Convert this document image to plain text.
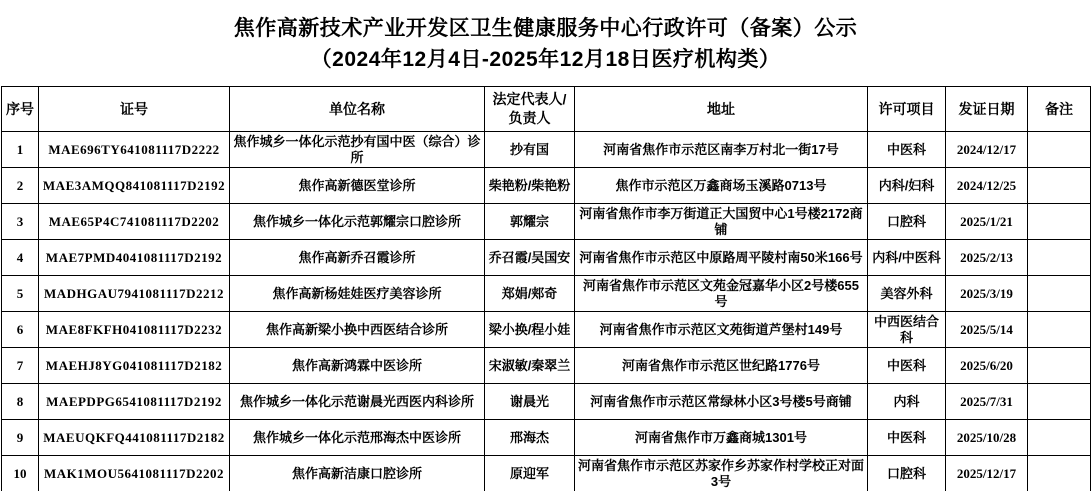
焦作高新技术产业开发区卫生健康服务中心行政许可（备案）公示
（2024年12月4日-2025年12月18日医疗机构类）
序号	证号	单位名称	法定代表人/负责人	地址	许可项目	发证日期	备注
1	MAE696TY641081117D2222	焦作城乡一体化示范抄有国中医（综合）诊所	抄有国	河南省焦作市示范区南李万村北一街17号	中医科	2024/12/17	
2	MAE3AMQQ841081117D2192	焦作高新德医堂诊所	柴艳粉/柴艳粉	焦作市示范区万鑫商场玉溪路0713号	内科/妇科	2024/12/25	
3	MAE65P4C741081117D2202	焦作城乡一体化示范郭耀宗口腔诊所	郭耀宗	河南省焦作市李万街道正大国贸中心1号楼2172商铺	口腔科	2025/1/21	
4	MAE7PMD4041081117D2192	焦作高新乔召霞诊所	乔召霞/吴国安	河南省焦作市示范区中原路周平陵村南50米166号	内科/中医科	2025/2/13	
5	MADHGAU7941081117D2212	焦作高新杨娃娃医疗美容诊所	郑娟/郏奇	河南省焦作市示范区文苑金冠嘉华小区2号楼655号	美容外科	2025/3/19	
6	MAE8FKFH041081117D2232	焦作高新梁小换中西医结合诊所	梁小换/程小娃	河南省焦作市示范区文苑街道芦堡村149号	中西医结合科	2025/5/14	
7	MAEHJ8YG041081117D2182	焦作高新鸿霖中医诊所	宋淑敏/秦翠兰	河南省焦作市示范区世纪路1776号	中医科	2025/6/20	
8	MAEPDPG6541081117D2192	焦作城乡一体化示范谢晨光西医内科诊所	谢晨光	河南省焦作市示范区常绿林小区3号楼5号商铺	内科	2025/7/31	
9	MAEUQKFQ441081117D2182	焦作城乡一体化示范邢海杰中医诊所	邢海杰	河南省焦作市万鑫商城1301号	中医科	2025/10/28	
10	MAK1MOU5641081117D2202	焦作高新洁康口腔诊所	原迎军	河南省焦作市示范区苏家作乡苏家作村学校正对面3号	口腔科	2025/12/17	
